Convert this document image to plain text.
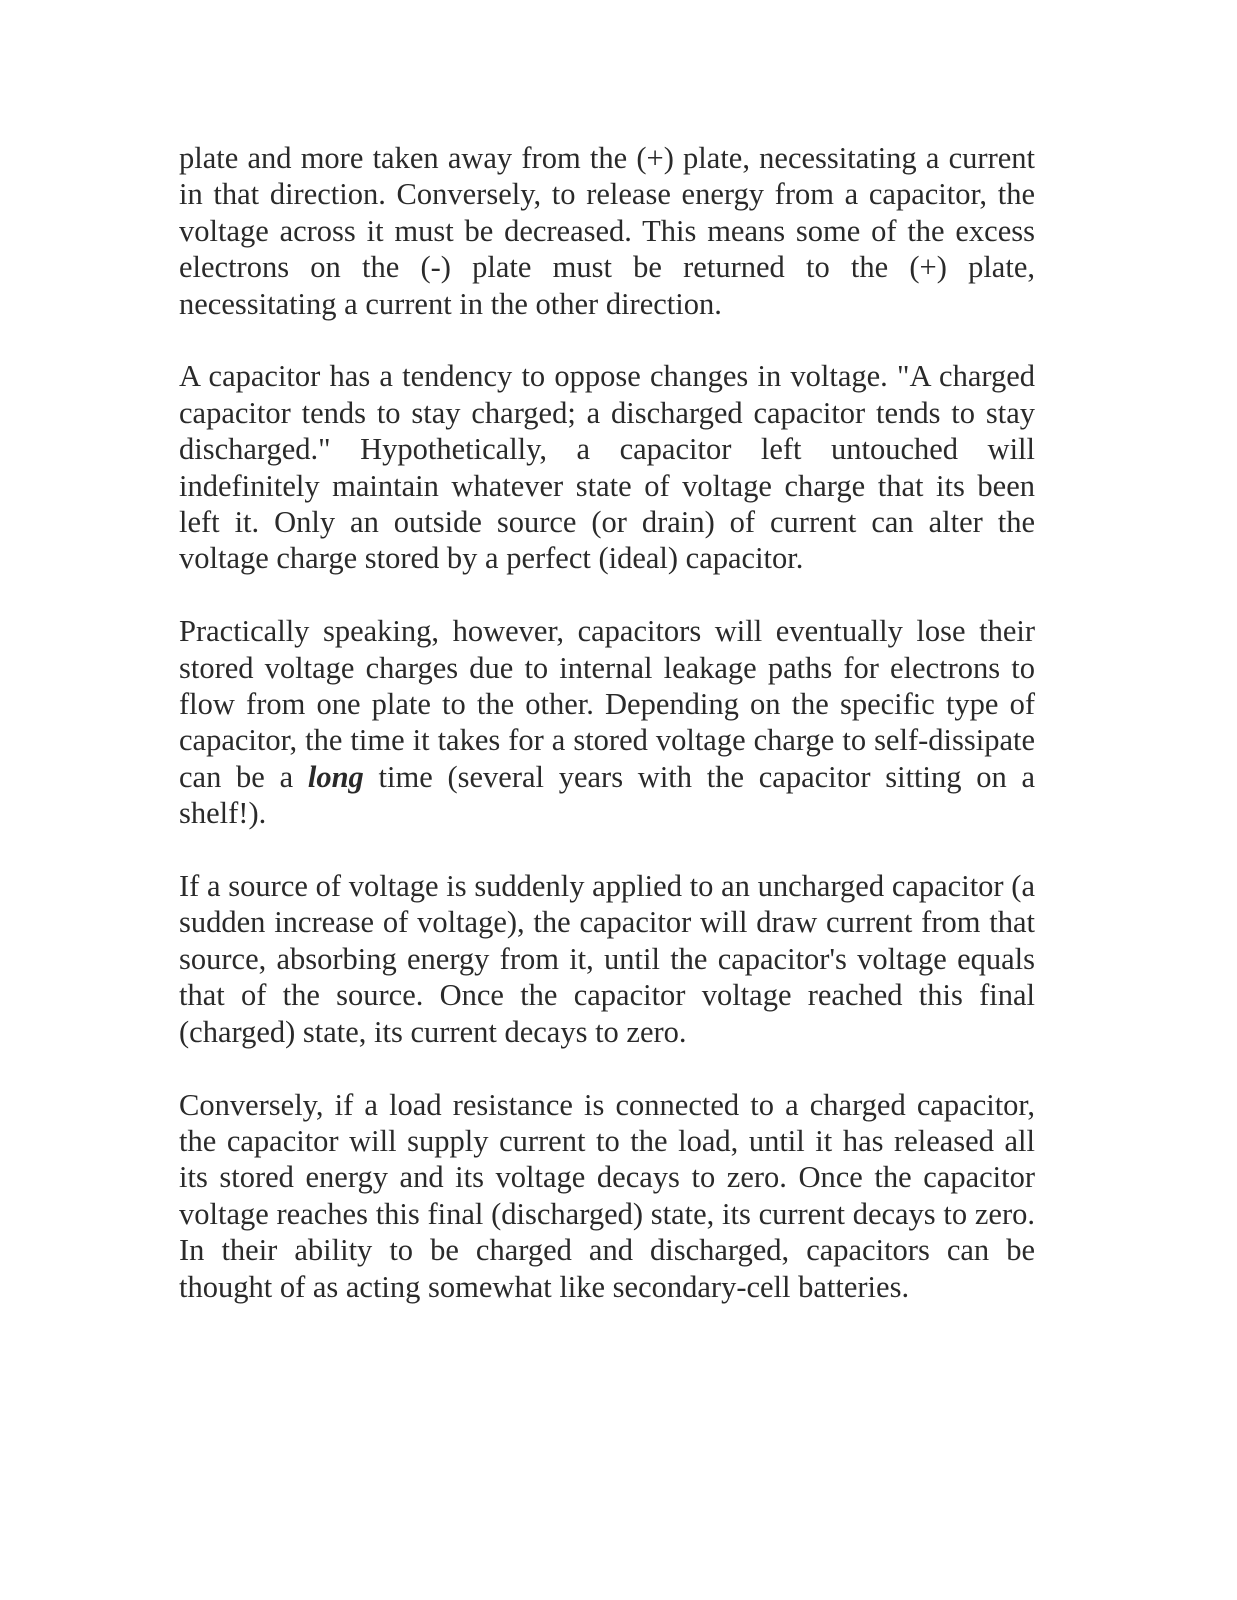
plate and more taken away from the (+) plate, necessitating a current in that direction. Conversely, to release energy from a capacitor, the voltage across it must be decreased. This means some of the excess electrons on the (-) plate must be returned to the (+) plate, necessitating a current in the other direction.

A capacitor has a tendency to oppose changes in voltage. "A charged capacitor tends to stay charged; a discharged capacitor tends to stay discharged." Hypothetically, a capacitor left untouched will indefinitely maintain whatever state of voltage charge that its been left it. Only an outside source (or drain) of current can alter the voltage charge stored by a perfect (ideal) capacitor.

Practically speaking, however, capacitors will eventually lose their stored voltage charges due to internal leakage paths for electrons to flow from one plate to the other. Depending on the specific type of capacitor, the time it takes for a stored voltage charge to self-dissipate can be a long time (several years with the capacitor sitting on a shelf!).

If a source of voltage is suddenly applied to an uncharged capacitor (a sudden increase of voltage), the capacitor will draw current from that source, absorbing energy from it, until the capacitor's voltage equals that of the source. Once the capacitor voltage reached this final (charged) state, its current decays to zero.

Conversely, if a load resistance is connected to a charged capacitor, the capacitor will supply current to the load, until it has released all its stored energy and its voltage decays to zero. Once the capacitor voltage reaches this final (discharged) state, its current decays to zero. In their ability to be charged and discharged, capacitors can be thought of as acting somewhat like secondary-cell batteries.
